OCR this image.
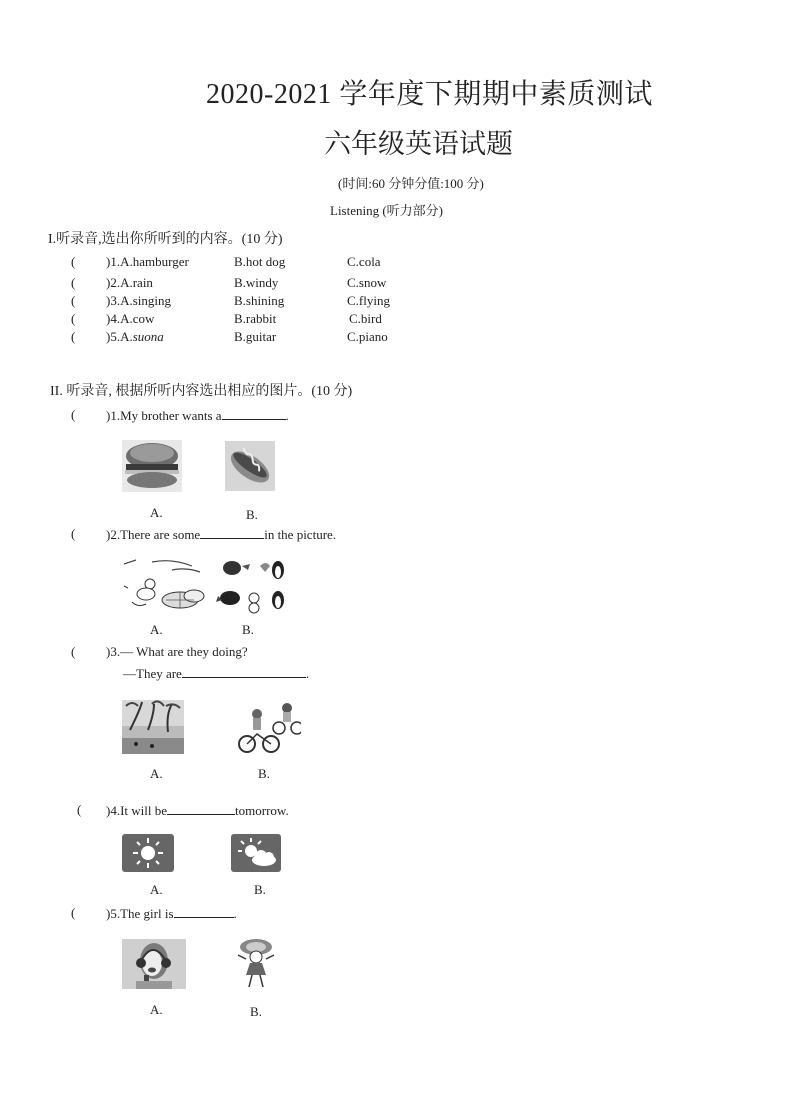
2020-2021 学年度下期期中素质测试
六年级英语试题
(时间:60 分钟分值:100 分)
Listening (听力部分)
I.听录音,选出你所听到的内容。(10 分)
( )1.A.hamburger	B.hot dog	C.cola
( )2.A.rain	B.windy	C.snow
( )3.A.singing	B.shining	C.flying
( )4.A.cow	B.rabbit	C.bird
( )5.A.suona	B.guitar	C.piano
II. 听录音, 根据所听内容选出相应的图片。(10 分)
( )1.My brother wants a	.
A.	B.
( )2.There are some	in the picture.
A.	B.
( )3.— What are they doing?
—They are	.
A.	B.
( )4.It will be	tomorrow.
A.	B.
( )5.The girl is	.
A.	B.
